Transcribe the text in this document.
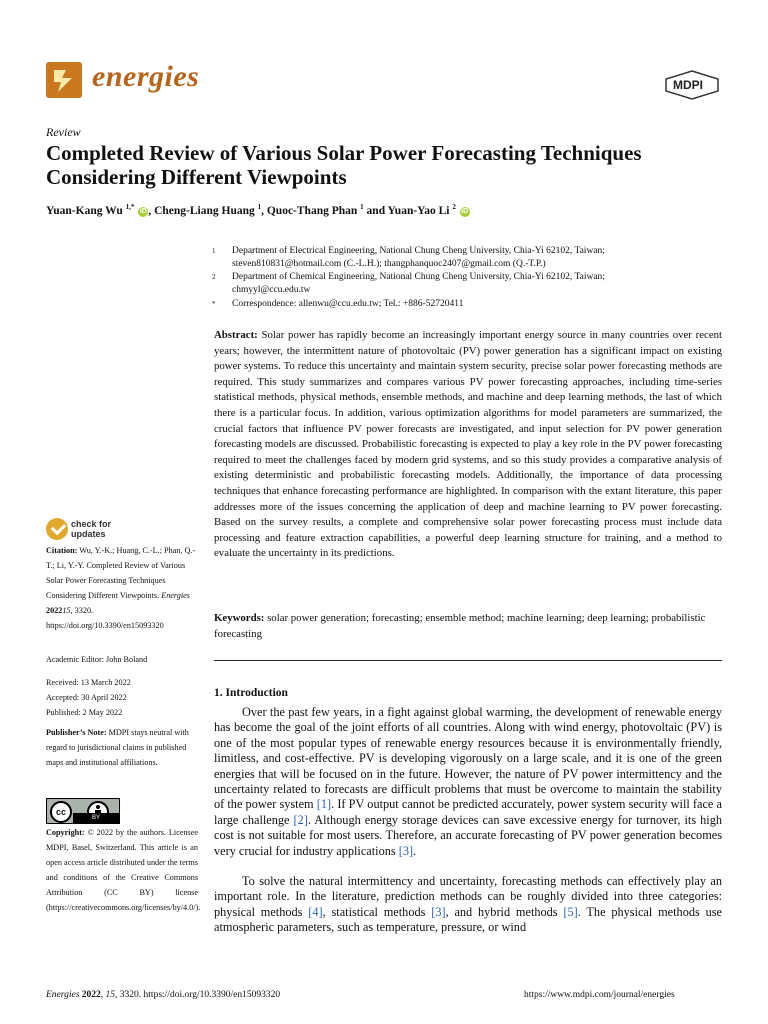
energies	MDPI
Review
Completed Review of Various Solar Power Forecasting Techniques Considering Different Viewpoints
Yuan-Kang Wu $^{1,*}$ iD , Cheng-Liang Huang $^1$, Quoc-Thang Phan $^1$ and Yuan-Yao Li $^2$ iD
1 Department of Electrical Engineering, National Chung Cheng University, Chia-Yi 62102, Taiwan;
steven810831@hotmail.com (C.-L.H.); thangphanquoc2407@gmail.com (Q.-T.P.)
2 Department of Chemical Engineering, National Chung Cheng University, Chia-Yi 62102, Taiwan;
chmyyl@ccu.edu.tw
* Correspondence: allenwu@ccu.edu.tw; Tel.: +886-52720411
Abstract: Solar power has rapidly become an increasingly important energy source in many countries over recent years; however, the intermittent nature of photovoltaic (PV) power generation has a significant impact on existing power systems. To reduce this uncertainty and maintain system security, precise solar power forecasting methods are required. This study summarizes and compares various PV power forecasting approaches, including time-series statistical methods, physical methods, ensemble methods, and machine and deep learning methods, the last of which there is a particular focus. In addition, various optimization algorithms for model parameters are summarized, the crucial factors that influence PV power forecasts are investigated, and input selection for PV power generation forecasting models are discussed. Probabilistic forecasting is expected to play a key role in the PV power forecasting required to meet the challenges faced by modern grid systems, and so this study provides a comparative analysis of existing deterministic and probabilistic forecasting models. Additionally, the importance of data processing techniques that enhance forecasting performance are highlighted. In comparison with the extant literature, this paper addresses more of the issues concerning the application of deep and machine learning to PV power forecasting. Based on the survey results, a complete and comprehensive solar power forecasting process must include data processing and feature extraction capabilities, a powerful deep learning structure for training, and a method to evaluate the uncertainty in its predictions.
Keywords: solar power generation; forecasting; ensemble method; machine learning; deep learning; probabilistic forecasting
1. Introduction
Over the past few years, in a fight against global warming, the development of renewable energy has become the goal of the joint efforts of all countries. Along with wind energy, photovoltaic (PV) is one of the most popular types of renewable energy resources because it is environmentally friendly, limitless, and cost-effective. PV is developing vigorously on a large scale, and it is one of the green energies that will be focused on in the future. However, the nature of PV power intermittency and the uncertainty related to forecasts are difficult problems that must be overcome to maintain the stability of the power system [1]. If PV output cannot be predicted accurately, power system security will face a large challenge [2]. Although energy storage devices can save excessive energy for turnover, its high cost is not suitable for most users. Therefore, an accurate forecasting of PV power generation becomes very crucial for industry applications [3].
To solve the natural intermittency and uncertainty, forecasting methods can effectively play an important role. In the literature, prediction methods can be roughly divided into three categories: physical methods [4], statistical methods [3], and hybrid methods [5]. The physical methods use atmospheric parameters, such as temperature, pressure, or wind
check for
updates
Citation: Wu, Y.-K.; Huang, C.-L.; Phan, Q.-T.; Li, Y.-Y. Completed Review of Various Solar Power Forecasting Techniques Considering Different Viewpoints. Energies 202215, 3320. https://doi.org/10.3390/en15093320
Academic Editor: John Boland
Received: 13 March 2022
Accepted: 30 April 2022
Published: 2 May 2022
Publisher’s Note: MDPI stays neutral with regard to jurisdictional claims in published maps and institutional affiliations.
cc
BY
Copyright: © 2022 by the authors. Licensee MDPI, Basel, Switzerland. This article is an open access article distributed under the terms and conditions of the Creative Commons Attribution (CC BY) license (https://creativecommons.org/licenses/by/4.0/).
Energies 2022, 15, 3320. https://doi.org/10.3390/en15093320	https://www.mdpi.com/journal/energies
